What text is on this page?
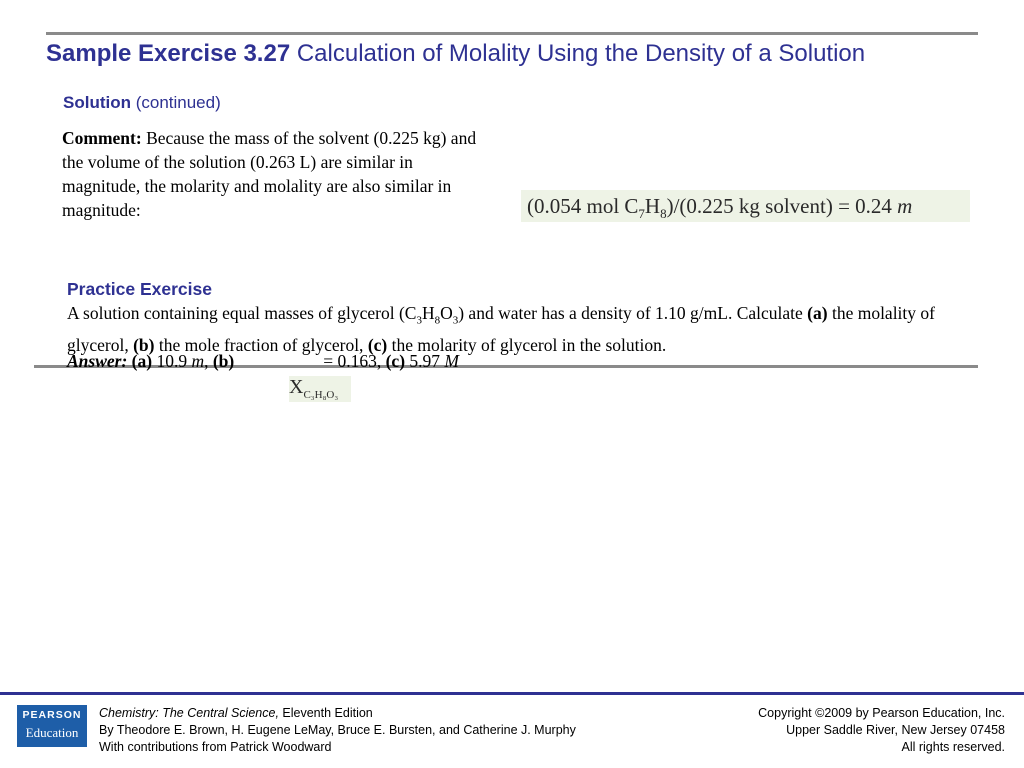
Sample Exercise 3.27 Calculation of Molality Using the Density of a Solution
Solution (continued)

Comment: Because the mass of the solvent (0.225 kg) and the volume of the solution (0.263 L) are similar in magnitude, the molarity and molality are also similar in magnitude:	(0.054 mol $C_7H_8)/(0.225$ kg solvent) = 0.24 m
Practice Exercise

A solution containing equal masses of glycerol $(C_3H_8O_3)$ and water has a density of 1.10 g/mL. Calculate (a) the molality of glycerol, (b) the mole fraction of glycerol, (c) the molarity of glycerol in the solution.

Answer: (a) 10.9 m, (b)	= 0.163, (c) 5.97 M
$X_{C_3H_8O_3}$
PEARSON
Education
Chemistry: The Central Science, Eleventh Edition
By Theodore E. Brown, H. Eugene LeMay, Bruce E. Bursten, and Catherine J. Murphy
With contributions from Patrick Woodward
Copyright ©2009 by Pearson Education, Inc.
Upper Saddle River, New Jersey 07458
All rights reserved.
